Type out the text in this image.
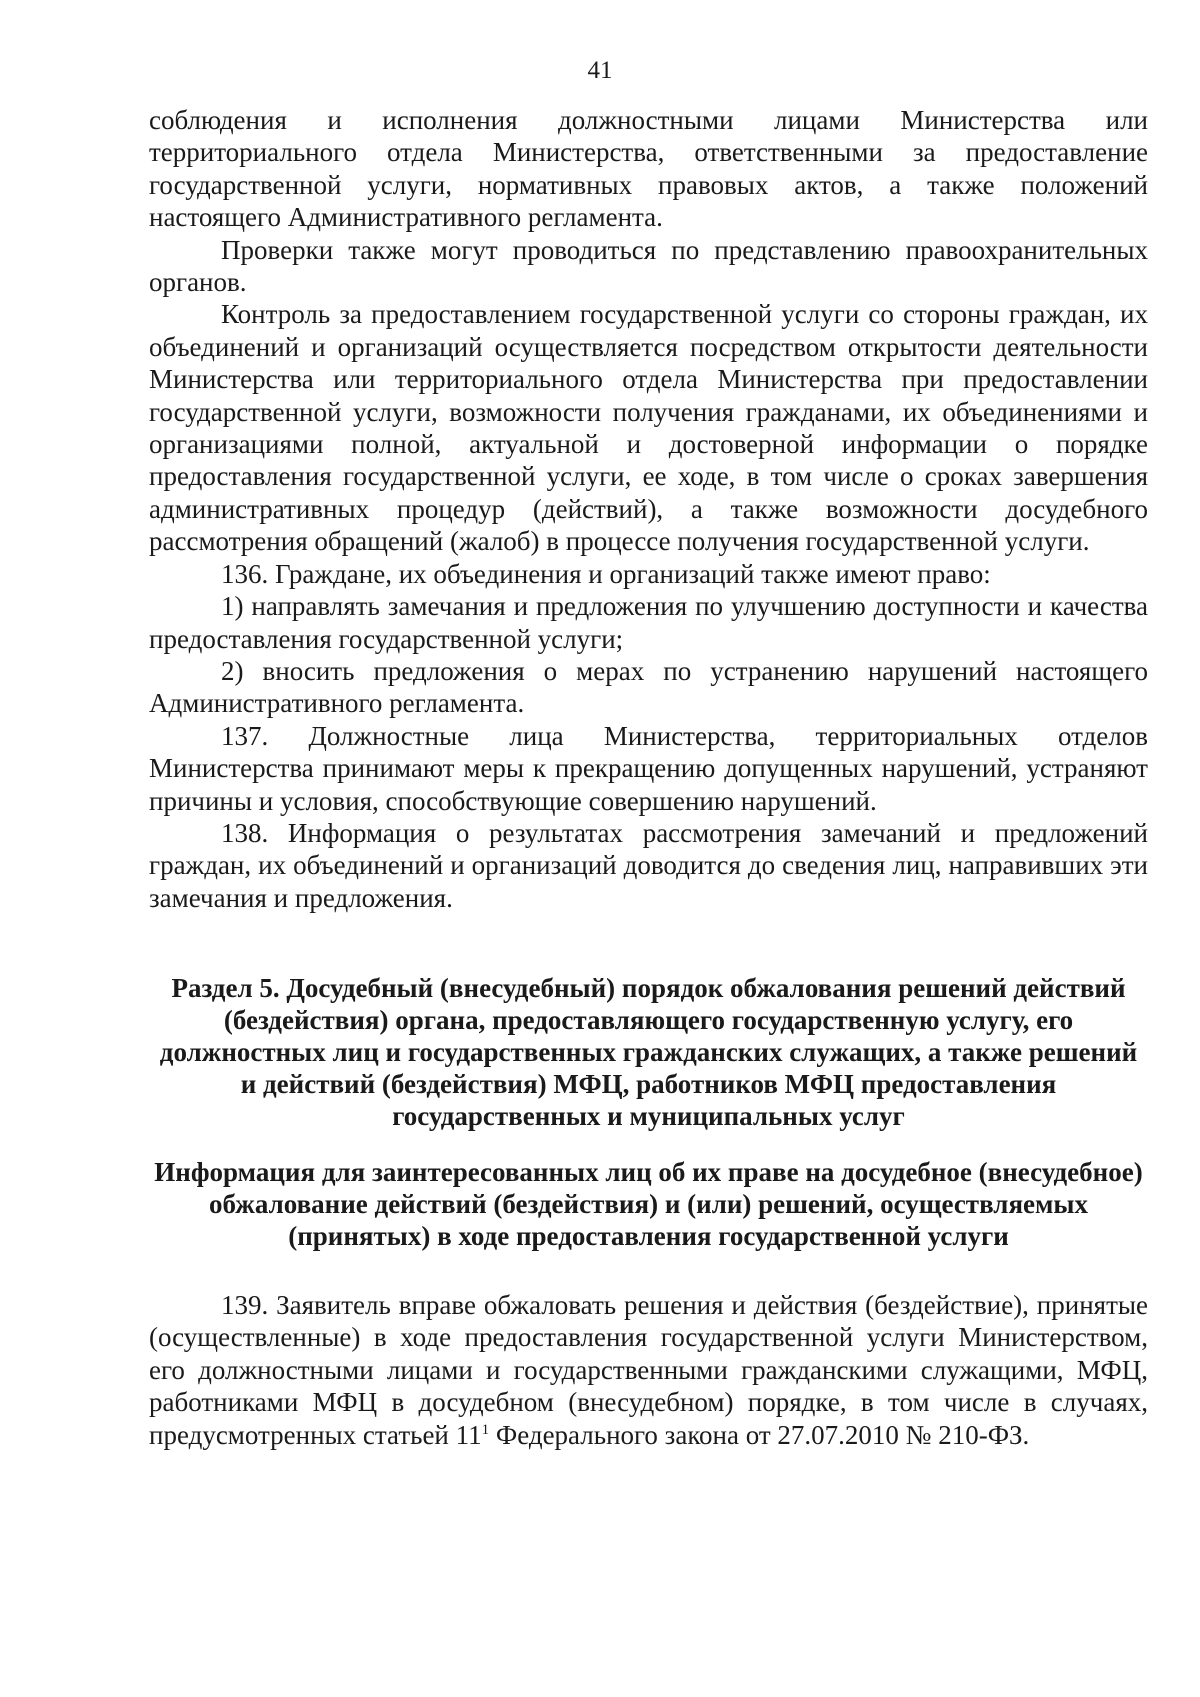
41

соблюдения и исполнения должностными лицами Министерства или территориального отдела Министерства, ответственными за предоставление государственной услуги, нормативных правовых актов, а также положений настоящего Административного регламента.

Проверки также могут проводиться по представлению правоохранительных органов.

Контроль за предоставлением государственной услуги со стороны граждан, их объединений и организаций осуществляется посредством открытости деятельности Министерства или территориального отдела Министерства при предоставлении государственной услуги, возможности получения гражданами, их объединениями и организациями полной, актуальной и достоверной информации о порядке предоставления государственной услуги, ее ходе, в том числе о сроках завершения административных процедур (действий), а также возможности досудебного рассмотрения обращений (жалоб) в процессе получения государственной услуги.

136. Граждане, их объединения и организаций также имеют право:

1) направлять замечания и предложения по улучшению доступности и качества предоставления государственной услуги;

2) вносить предложения о мерах по устранению нарушений настоящего Административного регламента.

137. Должностные лица Министерства, территориальных отделов Министерства принимают меры к прекращению допущенных нарушений, устраняют причины и условия, способствующие совершению нарушений.

138. Информация о результатах рассмотрения замечаний и предложений граждан, их объединений и организаций доводится до сведения лиц, направивших эти замечания и предложения.

Раздел 5. Досудебный (внесудебный) порядок обжалования решений действий (бездействия) органа, предоставляющего государственную услугу, его должностных лиц и государственных гражданских служащих, а также решений и действий (бездействия) МФЦ, работников МФЦ предоставления государственных и муниципальных услуг
Информация для заинтересованных лиц об их праве на досудебное (внесудебное) обжалование действий (бездействия) и (или) решений, осуществляемых (принятых) в ходе предоставления государственной услуги

139. Заявитель вправе обжаловать решения и действия (бездействие), принятые (осуществленные) в ходе предоставления государственной услуги Министерством, его должностными лицами и государственными гражданскими служащими, МФЦ, работниками МФЦ в досудебном (внесудебном) порядке, в том числе в случаях, предусмотренных статьей $11^1$ Федерального закона от 27.07.2010 № 210-ФЗ.
